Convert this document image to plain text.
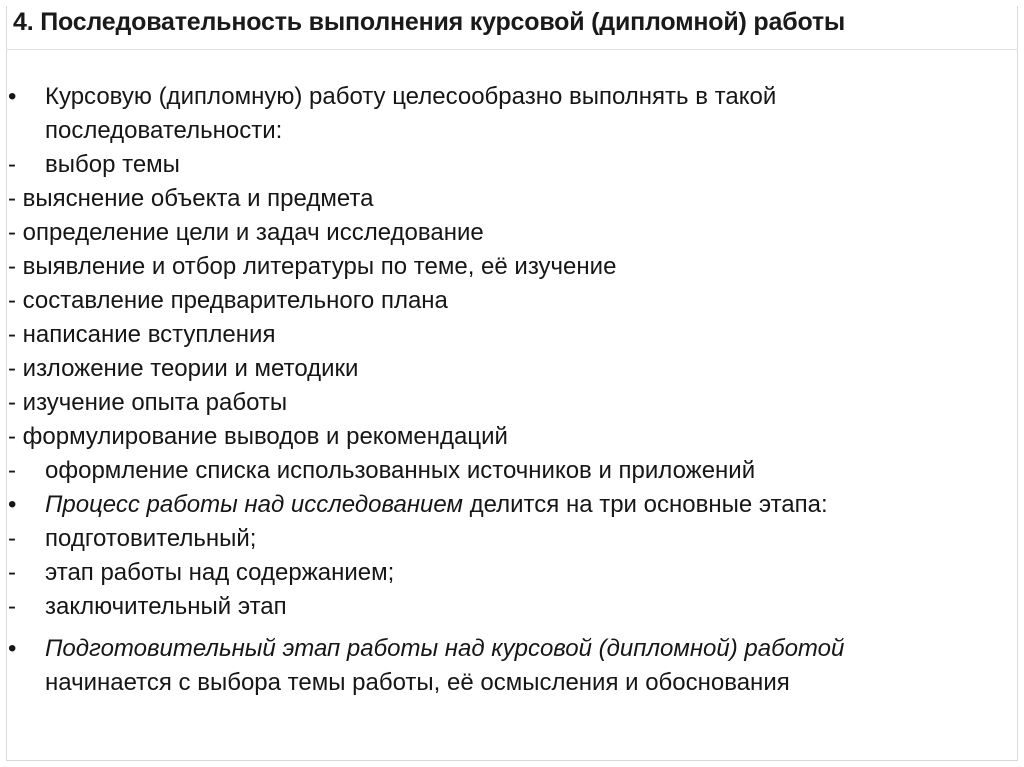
4. Последовательность выполнения курсовой (дипломной) работы
•	Курсовую (дипломную) работу целесообразно выполнять в такой
последовательности:
-	выбор темы
- выяснение объекта и предмета
- определение цели и задач исследование
- выявление и отбор литературы по теме, её изучение
- составление предварительного плана
- написание вступления
- изложение теории и методики
- изучение опыта работы
- формулирование выводов и рекомендаций
-	оформление списка использованных источников и приложений
•	Процесс работы над исследованием делится на три основные этапа:
-	подготовительный;
-	этап работы над содержанием;
-	заключительный этап
•	Подготовительный этап работы над курсовой (дипломной) работой
начинается с выбора темы работы, её осмысления и обоснования
